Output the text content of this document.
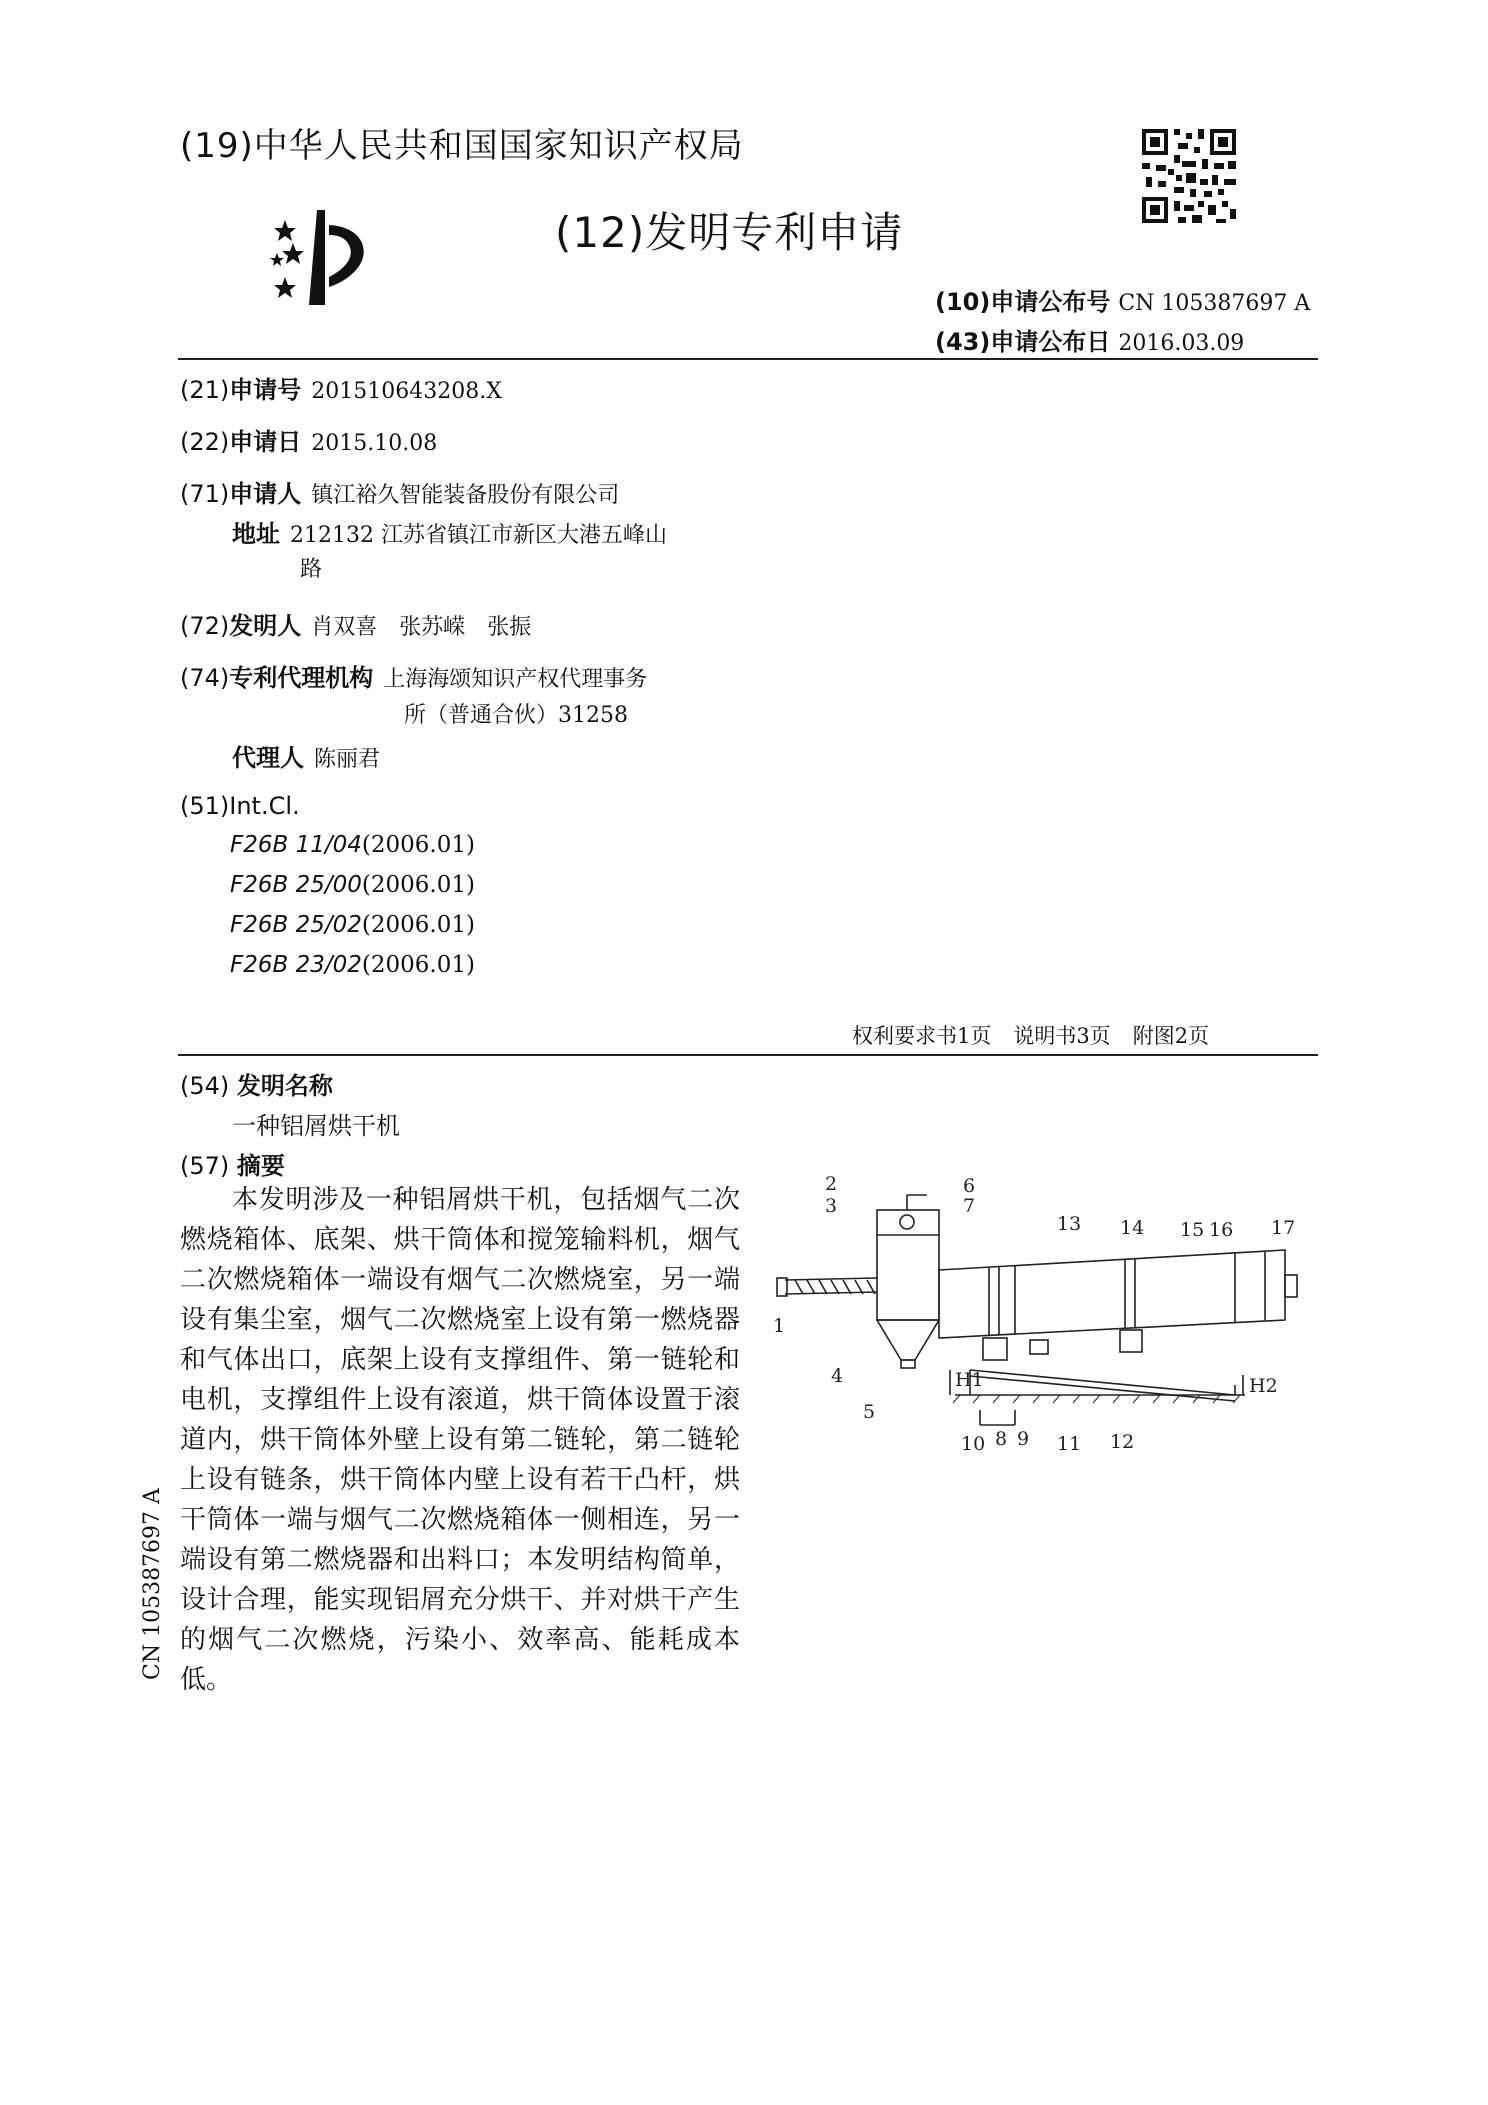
(19)中华人民共和国国家知识产权局
(12)发明专利申请
(10)申请公布号 CN 105387697 A
(43)申请公布日 2016.03.09
(21)申请号 201510643208.X
(22)申请日 2015.10.08
(71)申请人 镇江裕久智能装备股份有限公司
地址 212132 江苏省镇江市新区大港五峰山
路
(72)发明人 肖双喜　张苏嵘　张振
(74)专利代理机构 上海海颂知识产权代理事务
所（普通合伙）31258
代理人 陈丽君
(51)Int.Cl.
F26B 11/04(2006.01)
F26B 25/00(2006.01)
F26B 25/02(2006.01)
F26B 23/02(2006.01)
权利要求书1页 说明书3页 附图2页
(54) 发明名称
一种铝屑烘干机
(57) 摘要
本发明涉及一种铝屑烘干机，包括烟气二次燃烧箱体、底架、烘干筒体和搅笼输料机，烟气二次燃烧箱体一端设有烟气二次燃烧室，另一端设有集尘室，烟气二次燃烧室上设有第一燃烧器和气体出口，底架上设有支撑组件、第一链轮和电机，支撑组件上设有滚道，烘干筒体设置于滚道内，烘干筒体外壁上设有第二链轮，第二链轮上设有链条，烘干筒体内壁上设有若干凸杆，烘干筒体一端与烟气二次燃烧箱体一侧相连，另一端设有第二燃烧器和出料口；本发明结构简单，设计合理，能实现铝屑充分烘干、并对烘干产生的烟气二次燃烧，污染小、效率高、能耗成本低。
1
2
3
4
5
6
7
8 9
10	11 12
13 14 15 16 17
H1	H2
CN 105387697 A
